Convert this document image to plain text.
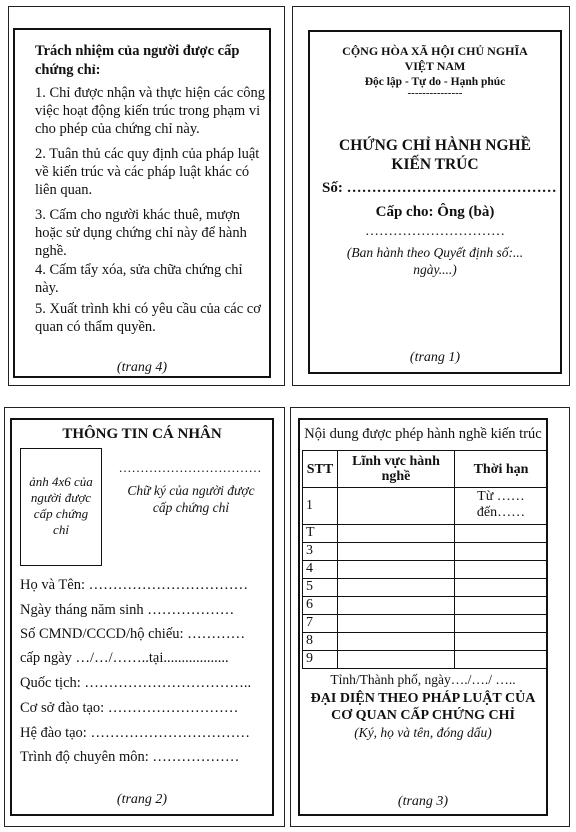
Trách nhiệm của người được cấp chứng chỉ:
1. Chỉ được nhận và thực hiện các công việc hoạt động kiến trúc trong phạm vi cho phép của chứng chỉ này.
2. Tuân thủ các quy định của pháp luật về kiến trúc và các pháp luật khác có liên quan.
3. Cấm cho người khác thuê, mượn hoặc sử dụng chứng chỉ này để hành nghề.
4. Cấm tẩy xóa, sửa chữa chứng chỉ này.
5. Xuất trình khi có yêu cầu của các cơ quan có thẩm quyền.
(trang 4)
CỘNG HÒA XÃ HỘI CHỦ NGHĨA VIỆT NAM
Độc lập - Tự do - Hạnh phúc
---------------
CHỨNG CHỈ HÀNH NGHỀ KIẾN TRÚC
Số: ……………………………………
Cấp cho: Ông (bà)
…………………………
(Ban hành theo Quyết định số:... ngày....)
(trang 1)
THÔNG TIN CÁ NHÂN
ảnh 4x6 của người được cấp chứng chỉ
……………………………
Chữ ký của người được cấp chứng chỉ
Họ và Tên: ……………………………
Ngày tháng năm sinh ………………
Số CMND/CCCD/hộ chiếu: …………
cấp ngày …/…/……..tại..................
Quốc tịch: ……………………………..
Cơ sở đào tạo: ………………………
Hệ đào tạo: ……………………………
Trình độ chuyên môn: ………………
(trang 2)
Nội dung được phép hành nghề kiến trúc
STT	Lĩnh vực hành nghề	Thời hạn
1		Từ ……đến……
T		
3		
4		
5		
6		
7		
8		
9		
Tỉnh/Thành phố, ngày…./…./ …..
ĐẠI DIỆN THEO PHÁP LUẬT CỦA CƠ QUAN CẤP CHỨNG CHỈ
(Ký, họ và tên, đóng dấu)
(trang 3)
